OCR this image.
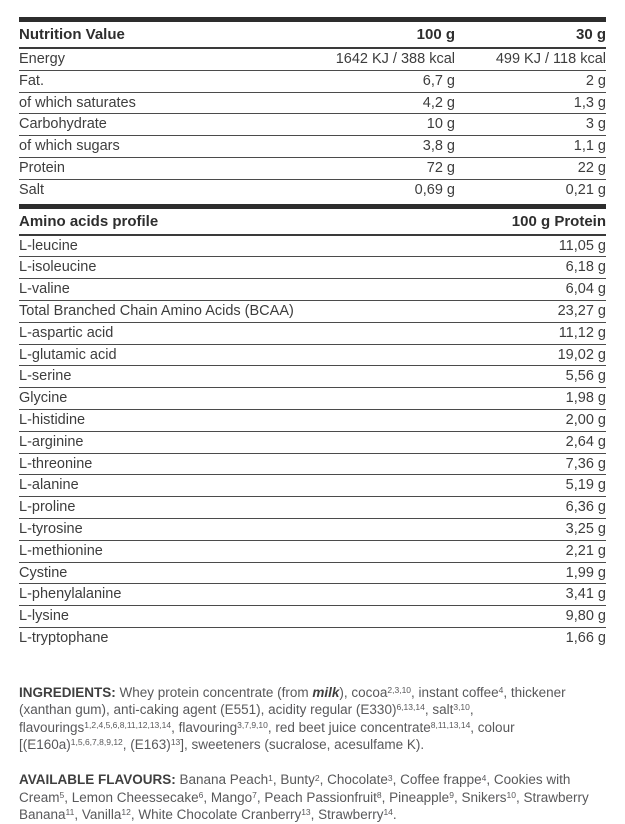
Nutrition Value	100 g	30 g
Energy	1642 KJ / 388 kcal	499 KJ / 118 kcal
Fat.	6,7 g	2 g
of which saturates	4,2 g	1,3 g
Carbohydrate	10 g	3 g
of which sugars	3,8 g	1,1 g
Protein	72 g	22 g
Salt	0,69 g	0,21 g
Amino acids profile	100 g Protein
L-leucine	11,05 g
L-isoleucine	6,18 g
L-valine	6,04 g
Total Branched Chain Amino Acids (BCAA)	23,27 g
L-aspartic acid	11,12 g
L-glutamic acid	19,02 g
L-serine	5,56 g
Glycine	1,98 g
L-histidine	2,00 g
L-arginine	2,64 g
L-threonine	7,36 g
L-alanine	5,19 g
L-proline	6,36 g
L-tyrosine	3,25 g
L-methionine	2,21 g
Cystine	1,99 g
L-phenylalanine	3,41 g
L-lysine	9,80 g
L-tryptophane	1,66 g

INGREDIENTS: Whey protein concentrate (from milk), cocoa$^{2,3,10}$, instant coffee$^4$, thickener (xanthan gum), anti-caking agent (E551), acidity regular $(E330)^{6,13,14}$, salt$^{3,10}$, flavourings$^{1,2,4,5,6,8,11,12,13,14}$, flavouring$^{3,7,9,10}$, red beet juice concentrate$^{8,11,13,14}$, colour [$(E160a)^{1,5,6,7,8,9,12}$, $(E163)^{13}$], sweeteners (sucralose, acesulfame K).

AVAILABLE FLAVOURS: Banana Peach$^1$, Bunty$^2$, Chocolate$^3$, Coffee frappe$^4$, Cookies with Cream$^5$, Lemon Cheessecake$^6$, Mango$^7$, Peach Passionfruit$^8$, Pineapple$^9$, Snikers$^{10}$, Strawberry Banana$^{11}$, Vanilla$^{12}$, White Chocolate Cranberry$^{13}$, Strawberry$^{14}$.
